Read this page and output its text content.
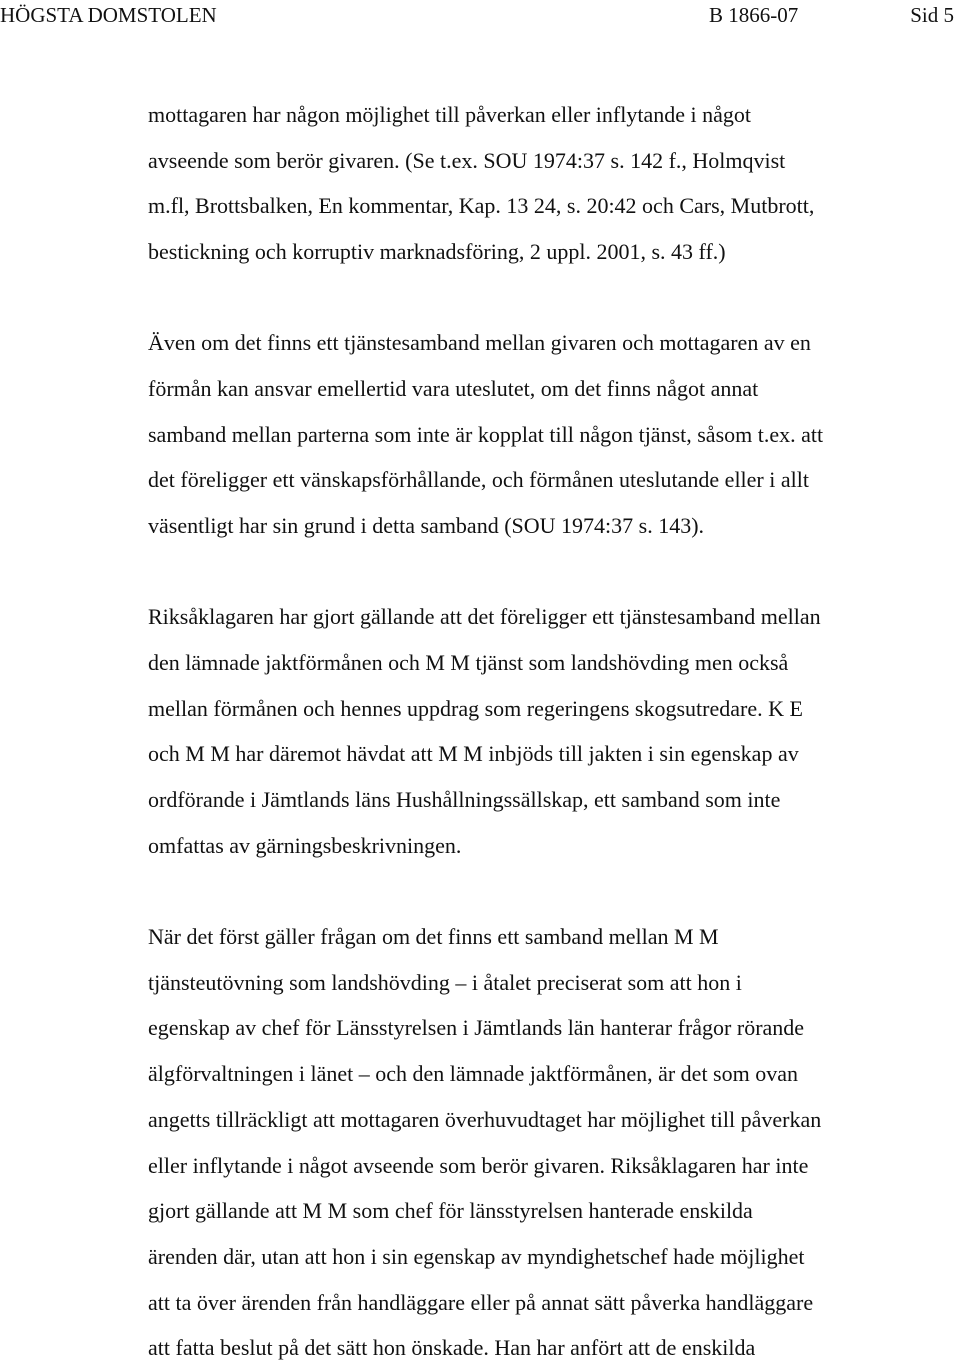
HÖGSTA DOMSTOLEN	B 1866-07	Sid 5

mottagaren har någon möjlighet till påverkan eller inflytande i något
avseende som berör givaren. (Se t.ex. SOU 1974:37 s. 142 f., Holmqvist
m.fl, Brottsbalken, En kommentar, Kap. 13 24, s. 20:42 och Cars, Mutbrott,
bestickning och korruptiv marknadsföring, 2 uppl. 2001, s. 43 ff.)

Även om det finns ett tjänstesamband mellan givaren och mottagaren av en
förmån kan ansvar emellertid vara uteslutet, om det finns något annat
samband mellan parterna som inte är kopplat till någon tjänst, såsom t.ex. att
det föreligger ett vänskapsförhållande, och förmånen uteslutande eller i allt
väsentligt har sin grund i detta samband (SOU 1974:37 s. 143).

Riksåklagaren har gjort gällande att det föreligger ett tjänstesamband mellan
den lämnade jaktförmånen och M M tjänst som landshövding men också
mellan förmånen och hennes uppdrag som regeringens skogsutredare. K E
och M M har däremot hävdat att M M inbjöds till jakten i sin egenskap av
ordförande i Jämtlands läns Hushållningssällskap, ett samband som inte
omfattas av gärningsbeskrivningen.

När det först gäller frågan om det finns ett samband mellan M M
tjänsteutövning som landshövding – i åtalet preciserat som att hon i
egenskap av chef för Länsstyrelsen i Jämtlands län hanterar frågor rörande
älgförvaltningen i länet – och den lämnade jaktförmånen, är det som ovan
angetts tillräckligt att mottagaren överhuvudtaget har möjlighet till påverkan
eller inflytande i något avseende som berör givaren. Riksåklagaren har inte
gjort gällande att M M som chef för länsstyrelsen hanterade enskilda
ärenden där, utan att hon i sin egenskap av myndighetschef hade möjlighet
att ta över ärenden från handläggare eller på annat sätt påverka handläggare
att fatta beslut på det sätt hon önskade. Han har anfört att de enskilda
